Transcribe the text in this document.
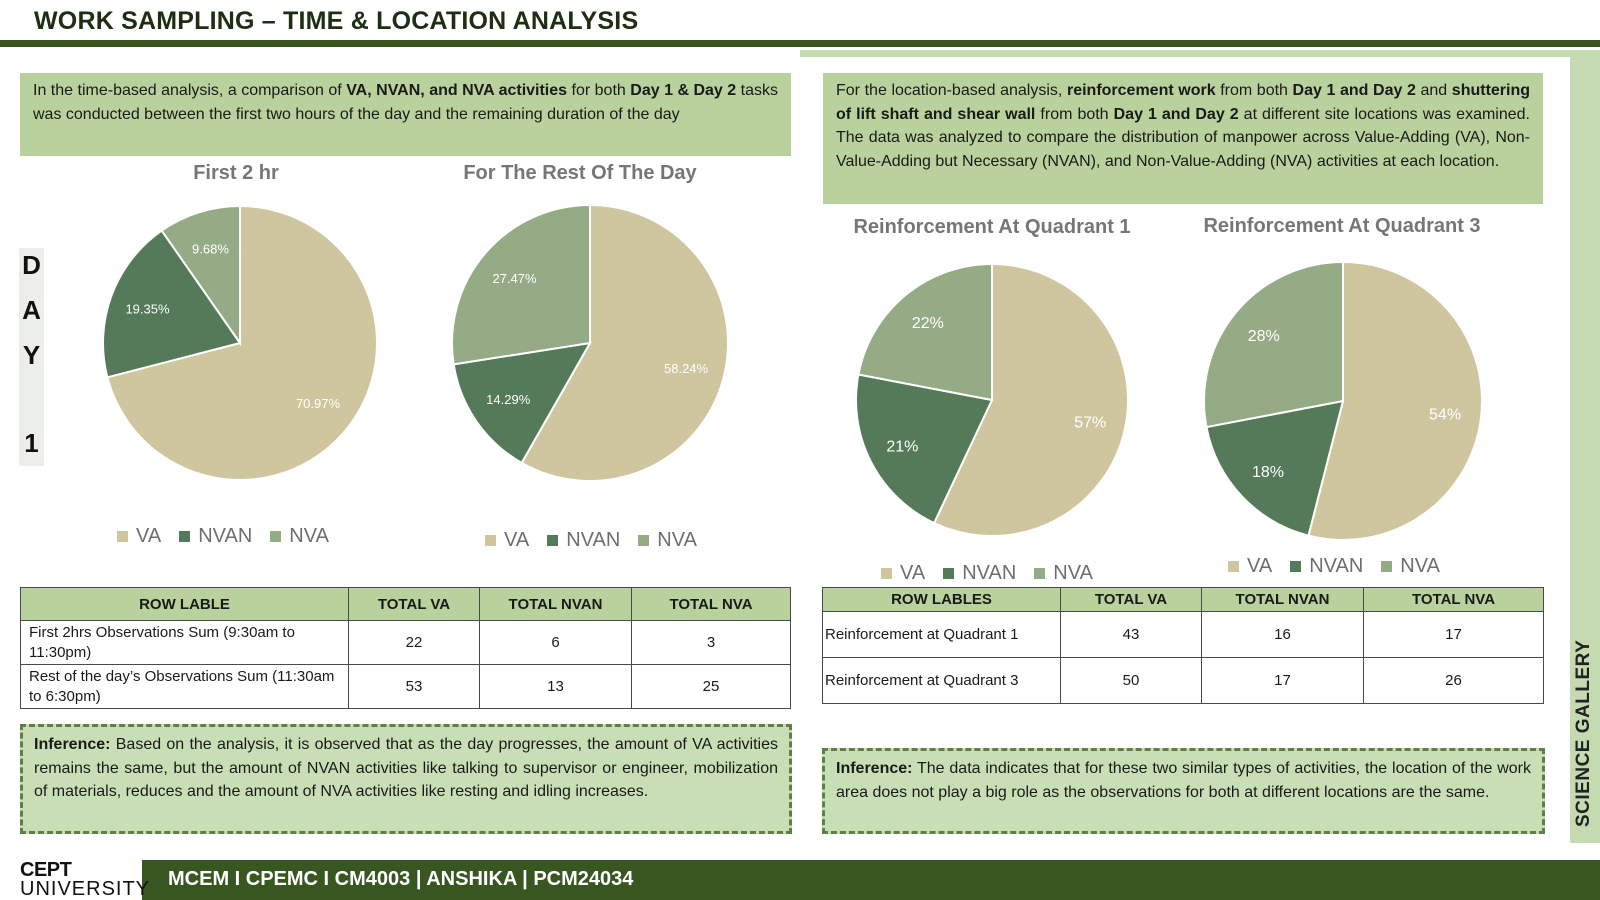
WORK SAMPLING – TIME & LOCATION ANALYSIS
SCIENCE GALLERY
In the time-based analysis, a comparison of VA, NVAN, and NVA activities for both Day 1 & Day 2 tasks was conducted between the first two hours of the day and the remaining duration of the day
D
A
Y
1
First 2 hr	For The Rest Of The Day
Reinforcement At Quadrant 1	Reinforcement At Quadrant 3
70.97%
19.35%
9.68%
58.24%
14.29%
27.47%
57%
21%
22%
54%
18%
28%
VA NVAN NVA	VA NVAN NVA
VA NVAN NVA	VA NVAN NVA
ROW LABLE	TOTAL VA	TOTAL NVAN	TOTAL NVA
First 2hrs Observations Sum (9:30am to 11:30pm)	22	6	3
Rest of the day’s Observations Sum (11:30am to 6:30pm)	53	13	25
Inference: Based on the analysis, it is observed that as the day progresses, the amount of VA activities remains the same, but the amount of NVAN activities like talking to supervisor or engineer, mobilization of materials, reduces and the amount of NVA activities like resting and idling increases.
For the location-based analysis, reinforcement work from both Day 1 and Day 2 and shuttering of lift shaft and shear wall from both Day 1 and Day 2 at different site locations was examined. The data was analyzed to compare the distribution of manpower across Value-Adding (VA), Non-Value-Adding but Necessary (NVAN), and Non-Value-Adding (NVA) activities at each location.
ROW LABLES	TOTAL VA	TOTAL NVAN	TOTAL NVA
Reinforcement at Quadrant 1	43	16	17
Reinforcement at Quadrant 3	50	17	26
Inference: The data indicates that for these two similar types of activities, the location of the work area does not play a big role as the observations for both at different locations are the same.
MCEM I CPEMC I CM4003 | ANSHIKA | PCM24034
CEPT
UNIVERSITY
